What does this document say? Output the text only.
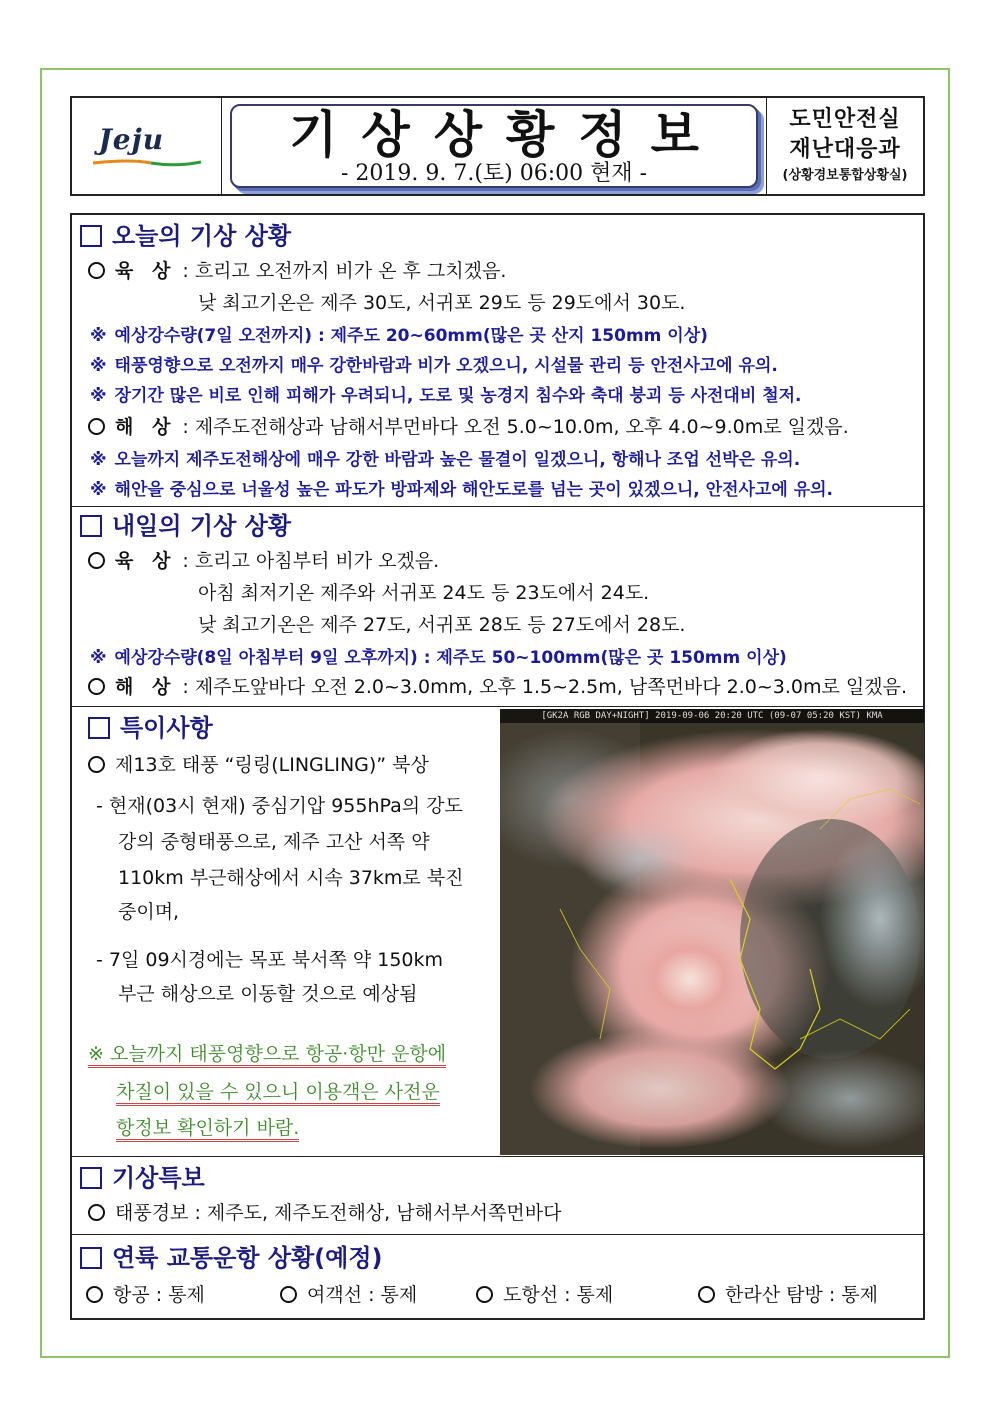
Jeju	기상상황정보
- 2019. 9. 7.(토) 06:00 현재 -
도민안전실
재난대응과
(상황경보통합상황실)
오늘의 기상 상황
육 상 : 흐리고 오전까지 비가 온 후 그치겠음.
낮 최고기온은 제주 30도, 서귀포 29도 등 29도에서 30도.
※ 예상강수량(7일 오전까지) : 제주도 20~60mm(많은 곳 산지 150mm 이상)
※ 태풍영향으로 오전까지 매우 강한바람과 비가 오겠으니, 시설물 관리 등 안전사고에 유의.
※ 장기간 많은 비로 인해 피해가 우려되니, 도로 및 농경지 침수와 축대 붕괴 등 사전대비 철저.
해 상 : 제주도전해상과 남해서부먼바다 오전 5.0~10.0m, 오후 4.0~9.0m로 일겠음.
※ 오늘까지 제주도전해상에 매우 강한 바람과 높은 물결이 일겠으니, 항해나 조업 선박은 유의.
※ 해안을 중심으로 너울성 높은 파도가 방파제와 해안도로를 넘는 곳이 있겠으니, 안전사고에 유의.
내일의 기상 상황
육 상 : 흐리고 아침부터 비가 오겠음.
아침 최저기온 제주와 서귀포 24도 등 23도에서 24도.
낮 최고기온은 제주 27도, 서귀포 28도 등 27도에서 28도.
※ 예상강수량(8일 아침부터 9일 오후까지) : 제주도 50~100mm(많은 곳 150mm 이상)
해 상 : 제주도앞바다 오전 2.0~3.0mm, 오후 1.5~2.5m, 남쪽먼바다 2.0~3.0m로 일겠음.
특이사항
제13호 태풍 “링링(LINGLING)” 북상
- 현재(03시 현재) 중심기압 955hPa의 강도
강의 중형태풍으로, 제주 고산 서쪽 약
110km 부근해상에서 시속 37km로 북진
중이며,
- 7일 09시경에는 목포 북서쪽 약 150km
부근 해상으로 이동할 것으로 예상됨
※ 오늘까지 태풍영향으로 항공·항만 운항에
차질이 있을 수 있으니 이용객은 사전운
항정보 확인하기 바람.
[GK2A RGB DAY+NIGHT] 2019-09-06 20:20 UTC (09-07 05:20 KST) KMA
기상특보
태풍경보 : 제주도, 제주도전해상, 남해서부서쪽먼바다
연륙 교통운항 상황(예정)
항공 : 통제	여객선 : 통제	도항선 : 통제	한라산 탐방 : 통제
